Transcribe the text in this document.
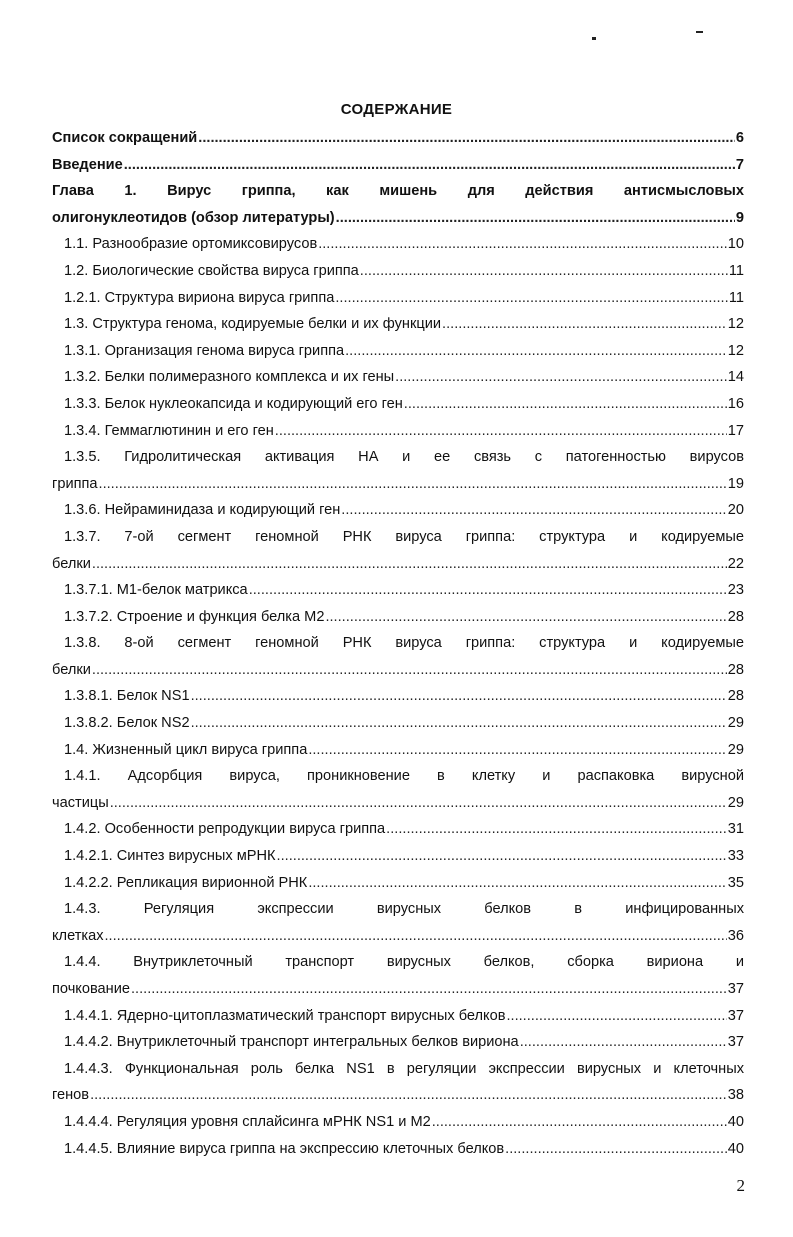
СОДЕРЖАНИЕ
Список сокращений .....	6
Введение .....	7
Глава 1. Вирус гриппа, как мишень для действия антисмысловых
олигонуклеотидов (обзор литературы) .....	9
1.1. Разнообразие ортомиксовирусов .....	10
1.2. Биологические свойства вируса гриппа .....	11
1.2.1. Структура вириона вируса гриппа .....	11
1.3. Структура генома, кодируемые белки и их функции .....	12
1.3.1. Организация генома вируса гриппа .....	12
1.3.2. Белки полимеразного комплекса и их гены .....	14
1.3.3. Белок нуклеокапсида и кодирующий его ген .....	16
1.3.4. Геммаглютинин и его ген .....	17
1.3.5. Гидролитическая активация НА и ее связь с патогенностью вирусов
гриппа .....	19
1.3.6. Нейраминидаза и кодирующий ген .....	20
1.3.7. 7-ой сегмент геномной РНК вируса гриппа: структура и кодируемые
белки .....	22
1.3.7.1. М1-белок матрикса .....	23
1.3.7.2. Строение и функция белка М2 .....	28
1.3.8. 8-ой сегмент геномной РНК вируса гриппа: структура и кодируемые
белки .....	28
1.3.8.1. Белок NS1 .....	28
1.3.8.2. Белок NS2 .....	29
1.4. Жизненный цикл вируса гриппа .....	29
1.4.1. Адсорбция вируса, проникновение в клетку и распаковка вирусной
частицы .....	29
1.4.2. Особенности репродукции вируса гриппа .....	31
1.4.2.1. Синтез вирусных мРНК .....	33
1.4.2.2. Репликация вирионной РНК .....	35
1.4.3. Регуляция экспрессии вирусных белков в инфицированных
клетках .....	36
1.4.4. Внутриклеточный транспорт вирусных белков, сборка вириона и
почкование .....	37
1.4.4.1. Ядерно-цитоплазматический транспорт вирусных белков .....	37
1.4.4.2. Внутриклеточный транспорт интегральных белков вириона .....	37
1.4.4.3. Функциональная роль белка NS1 в регуляции экспрессии вирусных и клеточных
генов .....	38
1.4.4.4. Регуляция уровня сплайсинга мРНК NS1 и М2 .....	40
1.4.4.5. Влияние вируса гриппа на экспрессию клеточных белков .....	40
2
